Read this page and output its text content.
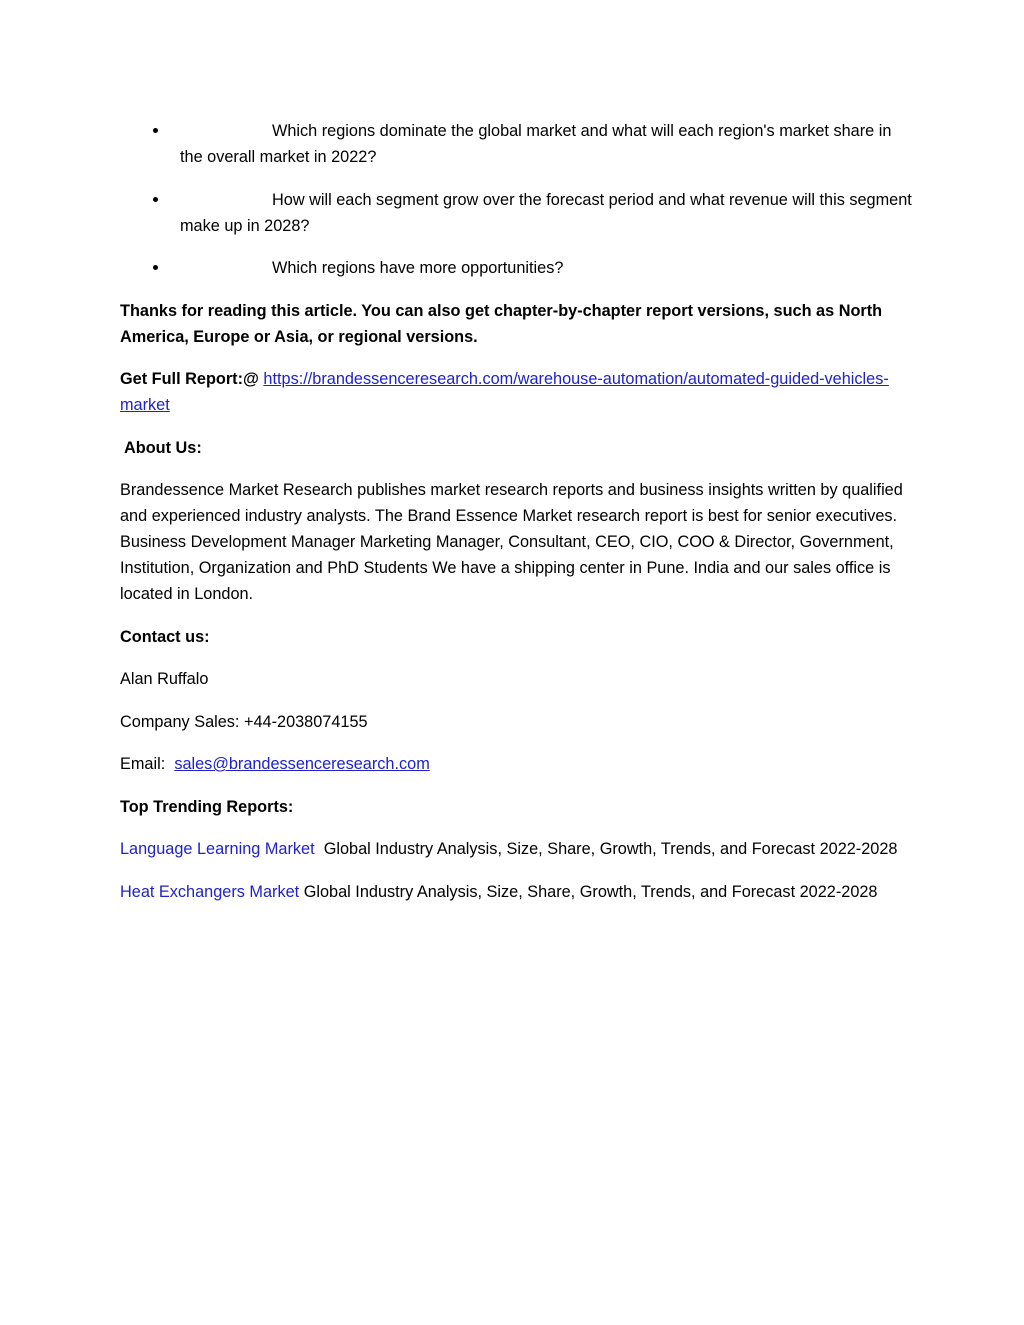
Which regions dominate the global market and what will each region's market share in the overall market in 2022?
How will each segment grow over the forecast period and what revenue will this segment make up in 2028?
Which regions have more opportunities?

Thanks for reading this article. You can also get chapter-by-chapter report versions, such as North America, Europe or Asia, or regional versions.

Get Full Report:@ https://brandessenceresearch.com/warehouse-automation/automated-guided-vehicles-market

About Us:

Brandessence Market Research publishes market research reports and business insights written by qualified and experienced industry analysts. The Brand Essence Market research report is best for senior executives. Business Development Manager Marketing Manager, Consultant, CEO, CIO, COO & Director, Government, Institution, Organization and PhD Students We have a shipping center in Pune. India and our sales office is located in London.

Contact us:

Alan Ruffalo

Company Sales: +44-2038074155

Email: sales@brandessenceresearch.com

Top Trending Reports:

Language Learning Market Global Industry Analysis, Size, Share, Growth, Trends, and Forecast 2022-2028

Heat Exchangers Market Global Industry Analysis, Size, Share, Growth, Trends, and Forecast 2022-2028
